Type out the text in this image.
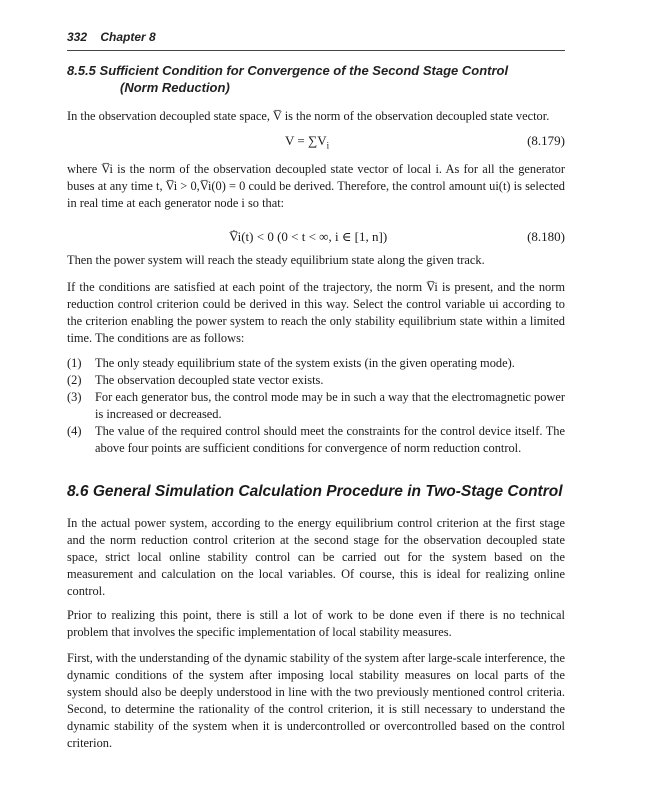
332 Chapter 8
8.5.5 Sufficient Condition for Convergence of the Second Stage Control
(Norm Reduction)

In the observation decoupled state space, V̅ is the norm of the observation decoupled state vector.

$V = \sum V_i$	(8.179)

where V̅i is the norm of the observation decoupled state vector of local i. As for all the generator buses at any time t, V̅i > 0,V̅i(0) = 0 could be derived. Therefore, the control amount ui(t) is selected in real time at each generator node i so that:

V̅̇i(t) < 0 (0 < t < ∞, i ∈ [1, n])	(8.180)

Then the power system will reach the steady equilibrium state along the given track.

If the conditions are satisfied at each point of the trajectory, the norm V̅i is present, and the norm reduction control criterion could be derived in this way. Select the control variable ui according to the criterion enabling the power system to reach the only stability equilibrium state within a limited time. The conditions are as follows:

(1) The only steady equilibrium state of the system exists (in the given operating mode).
(2) The observation decoupled state vector exists.
(3) For each generator bus, the control mode may be in such a way that the electromagnetic power is increased or decreased.
(4) The value of the required control should meet the constraints for the control device itself. The above four points are sufficient conditions for convergence of norm reduction control.
8.6 General Simulation Calculation Procedure in Two-Stage Control

In the actual power system, according to the energy equilibrium control criterion at the first stage and the norm reduction control criterion at the second stage for the observation decoupled state space, strict local online stability control can be carried out for the system based on the measurement and calculation on the local variables. Of course, this is ideal for realizing online control.

Prior to realizing this point, there is still a lot of work to be done even if there is no technical problem that involves the specific implementation of local stability measures.

First, with the understanding of the dynamic stability of the system after large-scale interference, the dynamic conditions of the system after imposing local stability measures on local parts of the system should also be deeply understood in line with the two previously mentioned control criteria. Second, to determine the rationality of the control criterion, it is still necessary to understand the dynamic stability of the system when it is undercontrolled or overcontrolled based on the control criterion.
